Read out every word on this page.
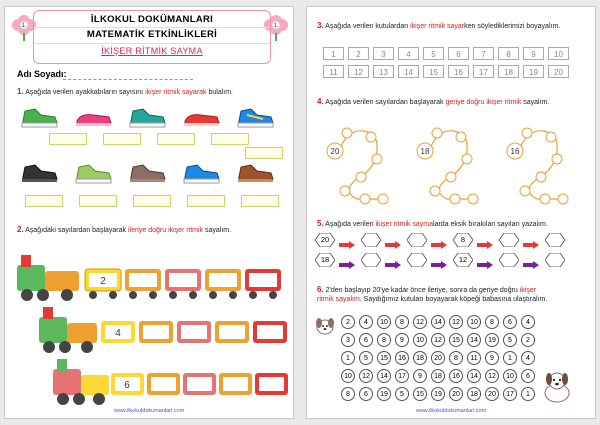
1.	1.
İLKOKUL DOKÜMANLARI
MATEMATİK ETKİNLİKLERİ
İKİŞER RİTMİK SAYMA
Adı Soyadı:
1. Aşağıda verilen ayakkabıların sayısını ikişer ritmik sayarak bulalım.
2. Aşağıdaki sayılardan başlayarak ileriye doğru ikişer ritmik sayalım.
2
4
6
www.ilkokuldokumanlari.com
3. Aşağıda verilen kutulardan ikişer ritmik sayarken söylediklerimizi boyayalım.
1	2	3	4	5	6	7	8	9	10
11	12	13	14	15	16	17	18	19	20
4. Aşağıda verilen sayılardan başlayarak geriye doğru ikişer ritmik sayalım.
20	18	16
5. Aşağıda verilen ikişer ritmik saymalarda eksik bırakılan sayıları yazalım.
20	8
18	12
6. 2'den başlayıp 20'ye kadar önce ileriye, sonra da geriye doğru ikişer
ritmik sayalım. Saydığımız kutuları boyayarak köpeği babasına ulaştıralım.
2	4	10	8	12	14	12	10	8	6	4
3	6	8	9	10	12	15	14	19	5	2
1	5	15	16	18	20	8	11	9	1	4
10	12	14	17	9	18	16	14	12	10	6
8	6	19	5	15	19	20	18	20	17	1
www.ilkokuldokumanlari.com
